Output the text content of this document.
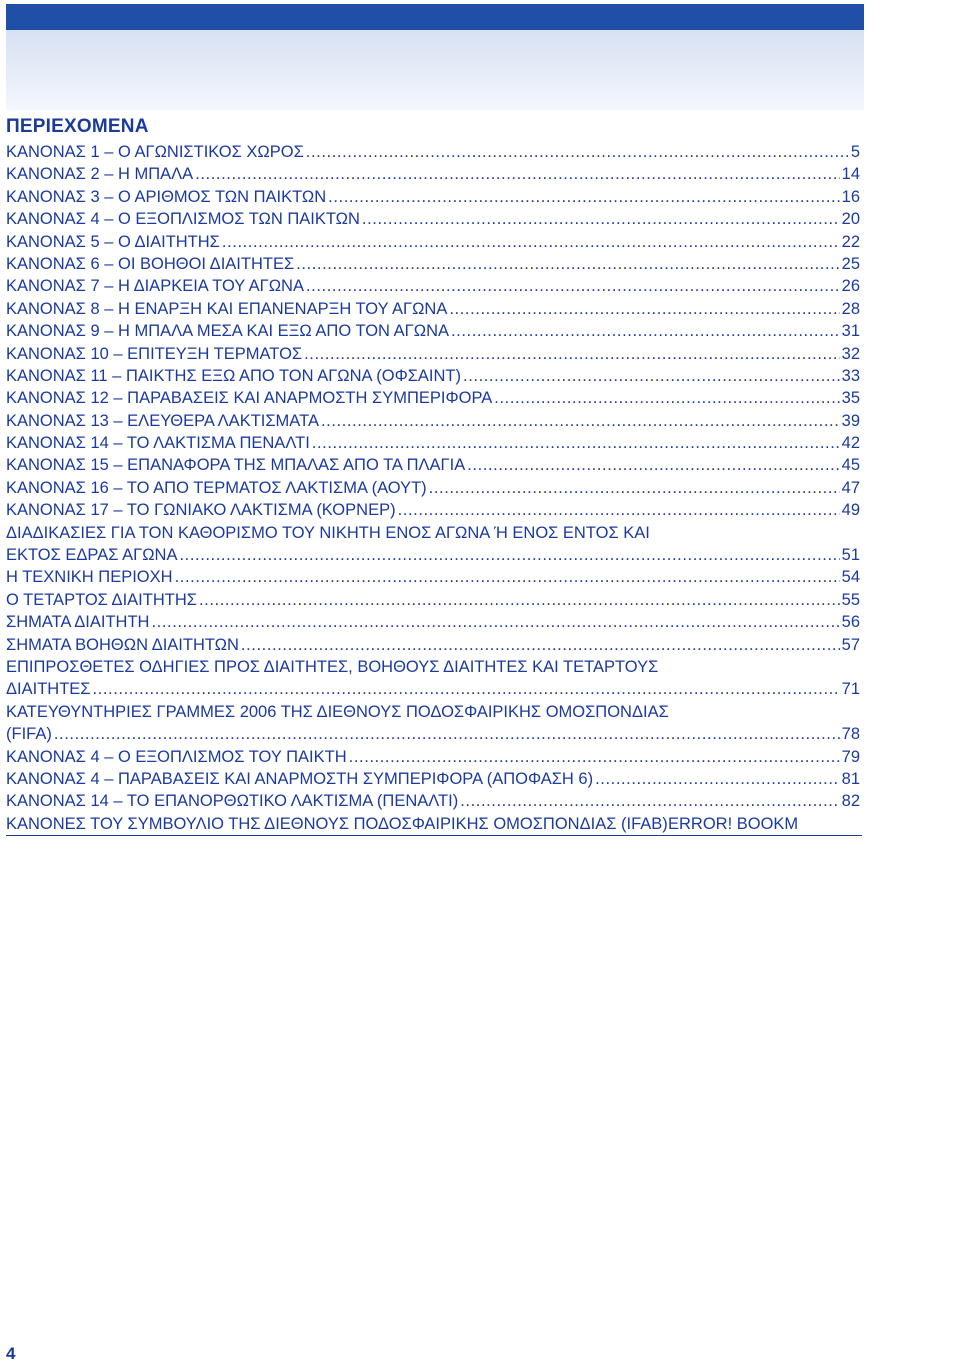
ΠΕΡΙΕΧΟΜΕΝΑ
ΚΑΝΟΝΑΣ 1 – Ο ΑΓΩΝΙΣΤΙΚΟΣ ΧΩΡΟΣ .....	5
ΚΑΝΟΝΑΣ 2 – Η ΜΠΑΛΑ .....	14
ΚΑΝΟΝΑΣ 3 – Ο ΑΡΙΘΜΟΣ ΤΩΝ ΠΑΙΚΤΩΝ .....	16
ΚΑΝΟΝΑΣ 4 – Ο ΕΞΟΠΛΙΣΜΟΣ ΤΩΝ ΠΑΙΚΤΩΝ .....	20
ΚΑΝΟΝΑΣ 5 – Ο ΔΙΑΙΤΗΤΗΣ .....	22
ΚΑΝΟΝΑΣ 6 – ΟΙ ΒΟΗΘΟΙ ΔΙΑΙΤΗΤΕΣ .....	25
ΚΑΝΟΝΑΣ 7 – Η ΔΙΑΡΚΕΙΑ ΤΟΥ ΑΓΩΝΑ .....	26
ΚΑΝΟΝΑΣ 8 – Η ΕΝΑΡΞΗ ΚΑΙ ΕΠΑΝΕΝΑΡΞΗ ΤΟΥ ΑΓΩΝΑ .....	28
ΚΑΝΟΝΑΣ 9 – Η ΜΠΑΛΑ ΜΕΣΑ ΚΑΙ ΕΞΩ ΑΠΟ ΤΟΝ ΑΓΩΝΑ .....	31
ΚΑΝΟΝΑΣ 10 – ΕΠΙΤΕΥΞΗ ΤΕΡΜΑΤΟΣ .....	32
ΚΑΝΟΝΑΣ 11 – ΠΑΙΚΤΗΣ ΕΞΩ ΑΠΟ ΤΟΝ ΑΓΩΝΑ (ΟΦΣΑΙΝΤ) .....	33
ΚΑΝΟΝΑΣ 12 – ΠΑΡΑΒΑΣΕΙΣ ΚΑΙ ΑΝΑΡΜΟΣΤΗ ΣΥΜΠΕΡΙΦΟΡΑ .....	35
ΚΑΝΟΝΑΣ 13 – ΕΛΕΥΘΕΡΑ ΛΑΚΤΙΣΜΑΤΑ .....	39
ΚΑΝΟΝΑΣ 14 – ΤΟ ΛΑΚΤΙΣΜΑ ΠΕΝΑΛΤΙ .....	42
ΚΑΝΟΝΑΣ 15 – ΕΠΑΝΑΦΟΡΑ ΤΗΣ ΜΠΑΛΑΣ ΑΠΟ ΤΑ ΠΛΑΓΙΑ .....	45
ΚΑΝΟΝΑΣ 16 – ΤΟ ΑΠΟ ΤΕΡΜΑΤΟΣ ΛΑΚΤΙΣΜΑ (ΑΟΥΤ) .....	47
ΚΑΝΟΝΑΣ 17 – ΤΟ ΓΩΝΙΑΚΟ ΛΑΚΤΙΣΜΑ (ΚΟΡΝΕΡ) .....	49
ΔΙΑΔΙΚΑΣΙΕΣ ΓΙΑ ΤΟΝ ΚΑΘΟΡΙΣΜΟ ΤΟΥ ΝΙΚΗΤΗ ΕΝΟΣ ΑΓΩΝΑ Ή ΕΝΟΣ ΕΝΤΟΣ ΚΑΙ
ΕΚΤΟΣ ΕΔΡΑΣ ΑΓΩΝΑ .....	51
Η ΤΕΧΝΙΚΗ ΠΕΡΙΟΧΗ .....	54
Ο ΤΕΤΑΡΤΟΣ ΔΙΑΙΤΗΤΗΣ .....	55
ΣΗΜΑΤΑ ΔΙΑΙΤΗΤΗ .....	56
ΣΗΜΑΤΑ ΒΟΗΘΩΝ ΔΙΑΙΤΗΤΩΝ .....	57
ΕΠΙΠΡΟΣΘΕΤΕΣ ΟΔΗΓΙΕΣ ΠΡΟΣ ΔΙΑΙΤΗΤΕΣ, ΒΟΗΘΟΥΣ ΔΙΑΙΤΗΤΕΣ ΚΑΙ ΤΕΤΑΡΤΟΥΣ
ΔΙΑΙΤΗΤΕΣ .....	71
ΚΑΤΕΥΘΥΝΤΗΡΙΕΣ ΓΡΑΜΜΕΣ 2006 ΤΗΣ ΔΙΕΘΝΟΥΣ ΠΟΔΟΣΦΑΙΡΙΚΗΣ ΟΜΟΣΠΟΝΔΙΑΣ
(FIFA) .....	78
ΚΑΝΟΝΑΣ 4 – Ο ΕΞΟΠΛΙΣΜΟΣ ΤΟΥ ΠΑΙΚΤΗ .....	79
ΚΑΝΟΝΑΣ 4 – ΠΑΡΑΒΑΣΕΙΣ ΚΑΙ ΑΝΑΡΜΟΣΤΗ ΣΥΜΠΕΡΙΦΟΡΑ (ΑΠΟΦΑΣΗ 6) .....	81
ΚΑΝΟΝΑΣ 14 – ΤΟ ΕΠΑΝΟΡΘΩΤΙΚΟ ΛΑΚΤΙΣΜΑ (ΠΕΝΑΛΤΙ) .....	82
ΚΑΝΟΝΕΣ ΤΟΥ ΣΥΜΒΟΥΛΙΟ ΤΗΣ ΔΙΕΘΝΟΥΣ ΠΟΔΟΣΦΑΙΡΙΚΗΣ ΟΜΟΣΠΟΝΔΙΑΣ (IFAB) ERROR! BOOKM
4
